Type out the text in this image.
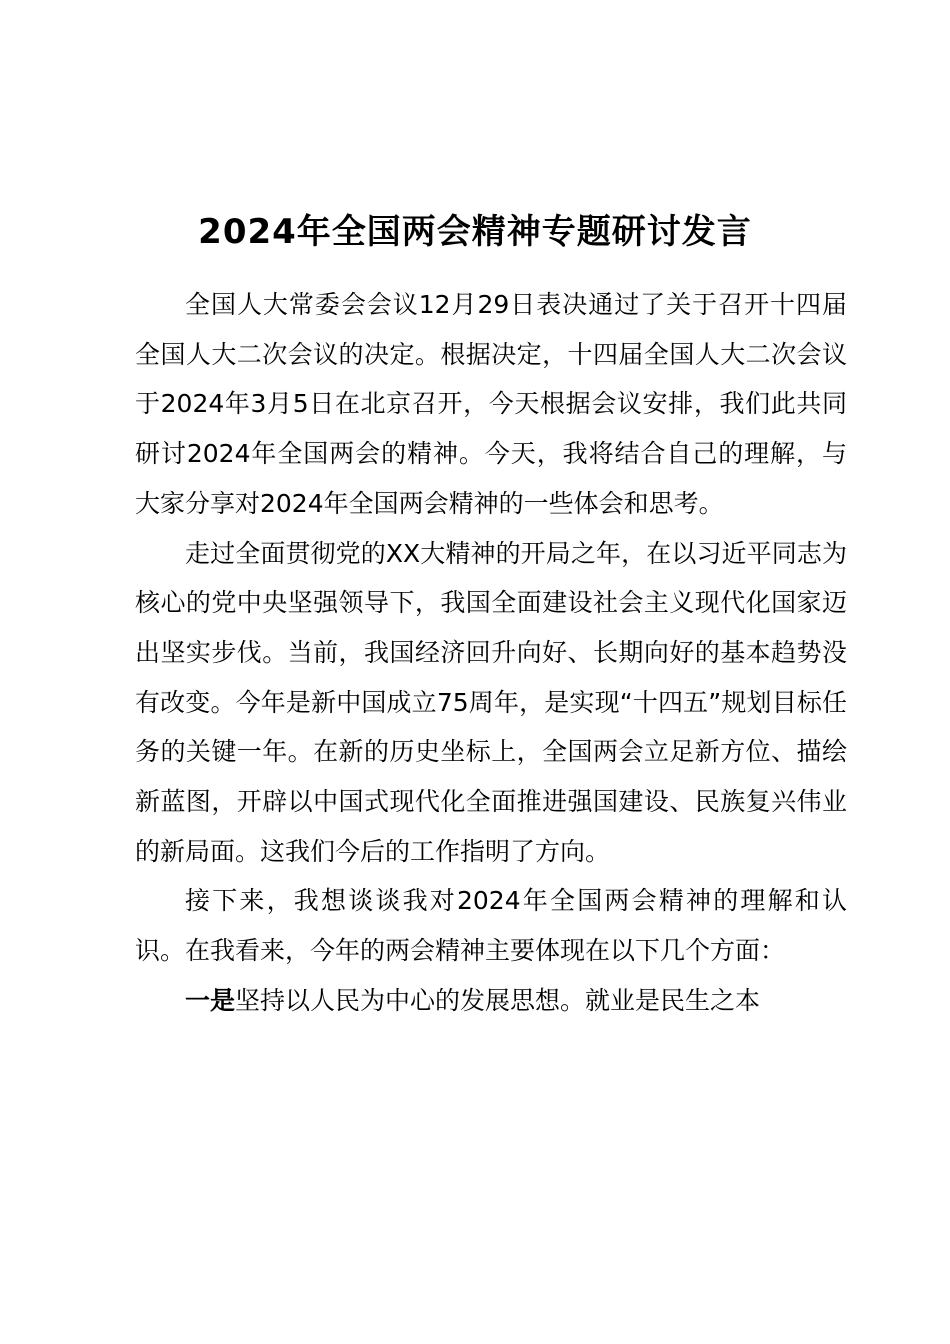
2024年全国两会精神专题研讨发言

全国人大常委会会议12月29日表决通过了关于召开十四届全国人大二次会议的决定。根据决定，十四届全国人大二次会议于2024年3月5日在北京召开，今天根据会议安排，我们此共同研讨2024年全国两会的精神。今天，我将结合自己的理解，与大家分享对2024年全国两会精神的一些体会和思考。

走过全面贯彻党的XX大精神的开局之年，在以习近平同志为核心的党中央坚强领导下，我国全面建设社会主义现代化国家迈出坚实步伐。当前，我国经济回升向好、长期向好的基本趋势没有改变。今年是新中国成立75周年，是实现“十四五”规划目标任务的关键一年。在新的历史坐标上，全国两会立足新方位、描绘新蓝图，开辟以中国式现代化全面推进强国建设、民族复兴伟业的新局面。这我们今后的工作指明了方向。

接下来，我想谈谈我对2024年全国两会精神的理解和认识。在我看来，今年的两会精神主要体现在以下几个方面：

一是坚持以人民为中心的发展思想。就业是民生之本
